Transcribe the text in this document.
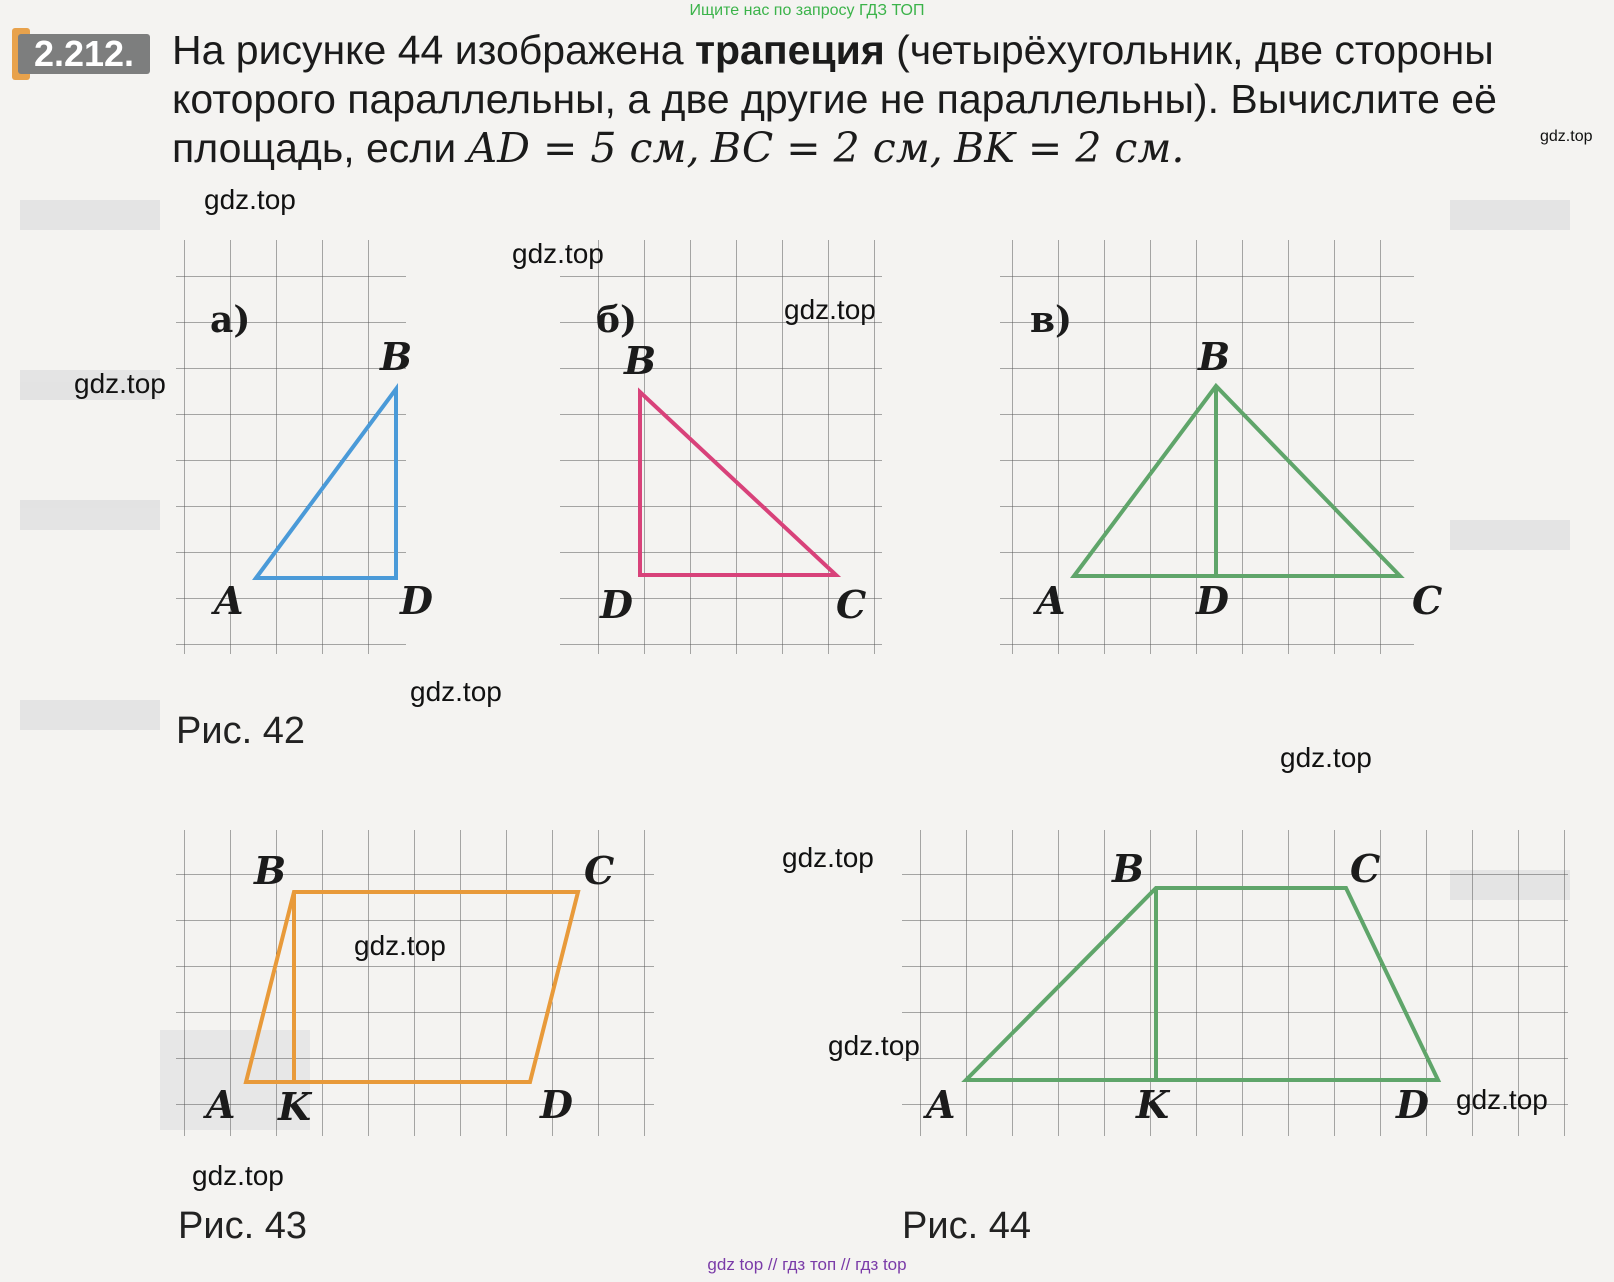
Ищите нас по запросу ГДЗ ТОП
2.212. На рисунке 44 изображена трапеция (четырёхугольник, две стороны которого параллельны, а две другие не параллельны). Вычислите её площадь, если AD = 5 см, BC = 2 см, BK = 2 см.
а)
B
A	D
б)
B
D	C
в)
B
A	D	C
B	C
A K	D
B	C
A	K	D
Рис. 42
Рис. 43	Рис. 44
gdz.top
gdz.top
gdz.top
gdz.top
gdz.top
gdz.top
gdz.top
gdz.top
gdz.top
gdz.top
gdz.top
gdz.top
gdz top // гдз топ // гдз top
